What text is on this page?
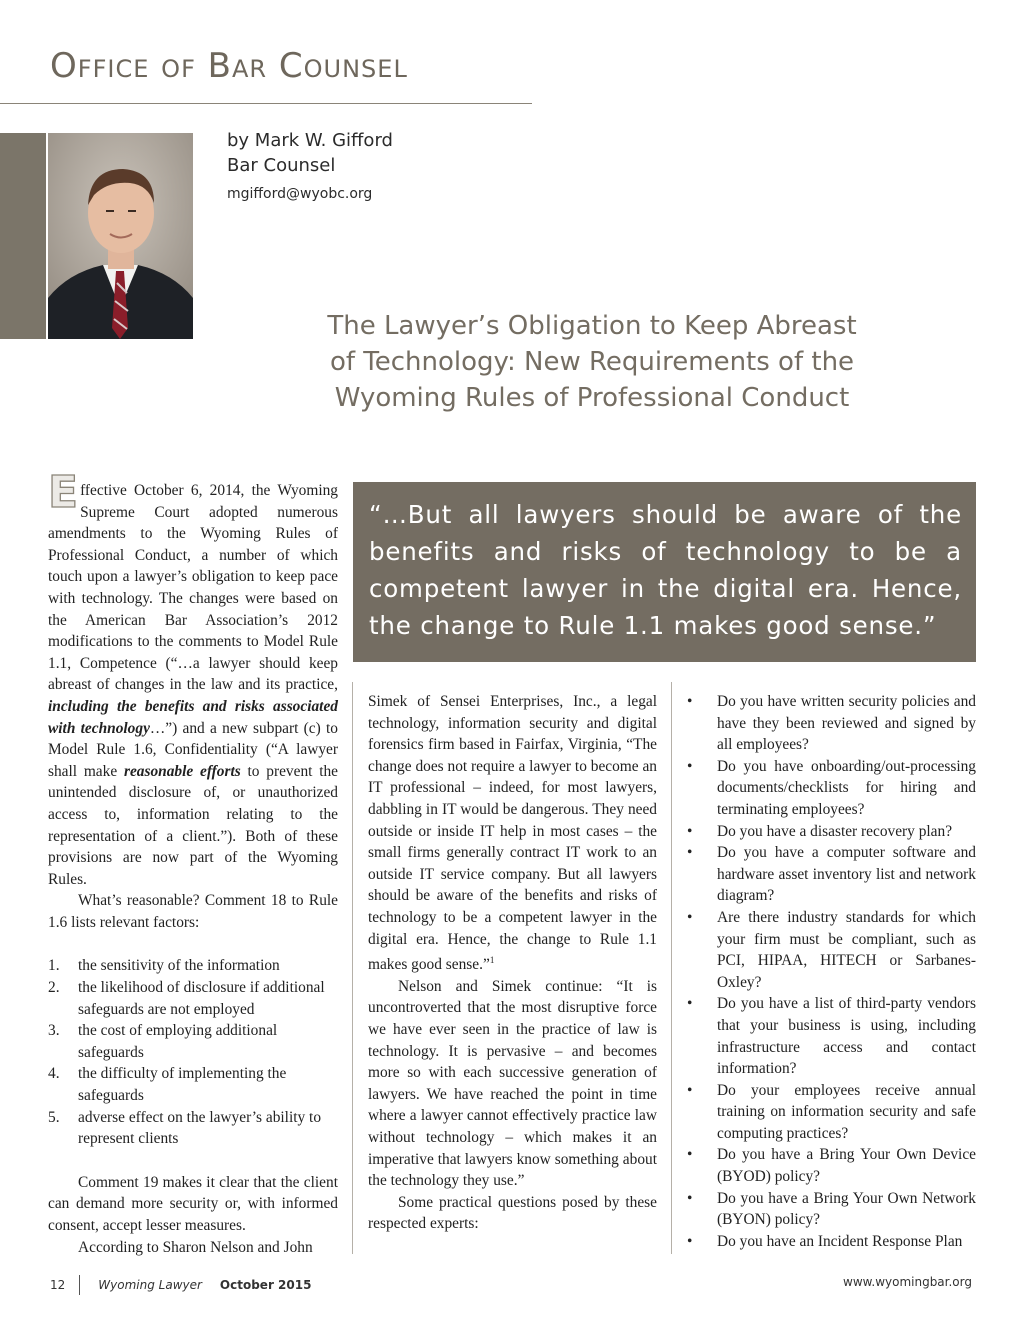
Office of Bar Counsel
by Mark W. Gifford
Bar Counsel
mgifford@wyobc.org
The Lawyer’s Obligation to Keep Abreast
of Technology: New Requirements of the
Wyoming Rules of Professional Conduct

Effective October 6, 2014, the Wyoming Supreme Court adopted numerous amendments to the Wyoming Rules of Professional Conduct, a number of which touch upon a lawyer’s obligation to keep pace with technology. The changes were based on the American Bar Association’s 2012 modifications to the comments to Model Rule 1.1, Competence (“…a lawyer should keep abreast of changes in the law and its practice, including the benefits and risks associated with technology…”) and a new subpart (c) to Model Rule 1.6, Confidentiality (“A lawyer shall make reasonable efforts to prevent the unintended disclosure of, or unauthorized access to, information relating to the representation of a client.”). Both of these provisions are now part of the Wyoming Rules.

What’s reasonable? Comment 18 to Rule 1.6 lists relevant factors:

1. the sensitivity of the information
2. the likelihood of disclosure if additional safeguards are not employed
3. the cost of employing additional safeguards
4. the difficulty of implementing the safeguards
5. adverse effect on the lawyer’s ability to represent clients

Comment 19 makes it clear that the client can demand more security or, with informed consent, accept lesser measures.

According to Sharon Nelson and John

“…But all lawyers should be aware of the benefits and risks of technology to be a competent lawyer in the digital era. Hence, the change to Rule 1.1 makes good sense.”

Simek of Sensei Enterprises, Inc., a legal technology, information security and digital forensics firm based in Fairfax, Virginia, “The change does not require a lawyer to become an IT professional – indeed, for most lawyers, dabbling in IT would be dangerous. They need outside or inside IT help in most cases – the small firms generally contract IT work to an outside IT service company. But all lawyers should be aware of the benefits and risks of technology to be a competent lawyer in the digital era. Hence, the change to Rule 1.1 makes good sense.”$^1$

Nelson and Simek continue: “It is uncontroverted that the most disruptive force we have ever seen in the practice of law is technology. It is pervasive – and becomes more so with each successive generation of lawyers. We have reached the point in time where a lawyer cannot effectively practice law without technology – which makes it an imperative that lawyers know something about the technology they use.”

Some practical questions posed by these respected experts:

• Do you have written security policies and have they been reviewed and signed by all employees?
• Do you have onboarding/out-processing documents/checklists for hiring and terminating employees?
• Do you have a disaster recovery plan?
• Do you have a computer software and hardware asset inventory list and network diagram?
• Are there industry standards for which your firm must be compliant, such as PCI, HIPAA, HITECH or Sarbanes-Oxley?
• Do you have a list of third-party vendors that your business is using, including infrastructure access and contact information?
• Do your employees receive annual training on information security and safe computing practices?
• Do you have a Bring Your Own Device (BYOD) policy?
• Do you have a Bring Your Own Network (BYON) policy?
• Do you have an Incident Response Plan
12	Wyoming Lawyer October 2015	www.wyomingbar.org
